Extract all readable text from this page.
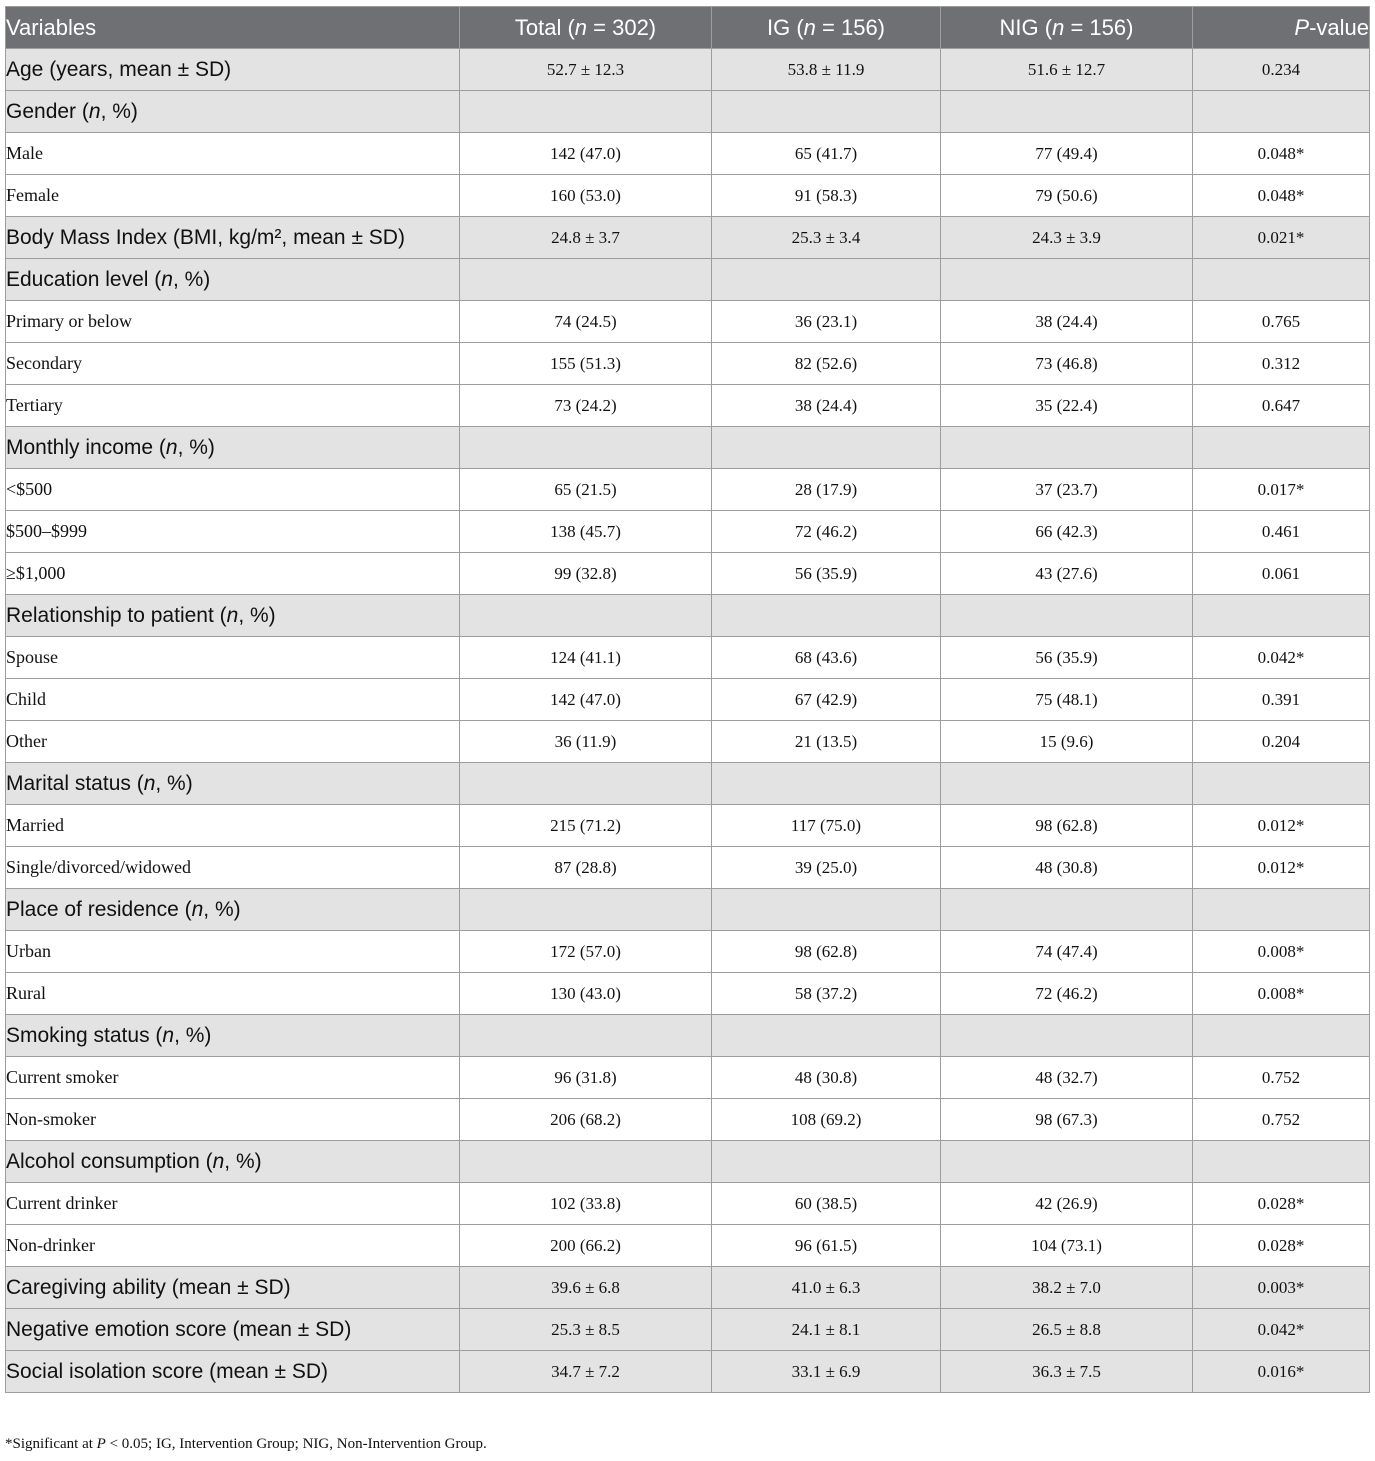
Variables	Total (n = 302)	IG (n = 156)	NIG (n = 156)	P-value
Age (years, mean ± SD)	52.7 ± 12.3	53.8 ± 11.9	51.6 ± 12.7	0.234
Gender (n, %)				
Male	142 (47.0)	65 (41.7)	77 (49.4)	0.048*
Female	160 (53.0)	91 (58.3)	79 (50.6)	0.048*
Body Mass Index (BMI, kg/m², mean ± SD)	24.8 ± 3.7	25.3 ± 3.4	24.3 ± 3.9	0.021*
Education level (n, %)				
Primary or below	74 (24.5)	36 (23.1)	38 (24.4)	0.765
Secondary	155 (51.3)	82 (52.6)	73 (46.8)	0.312
Tertiary	73 (24.2)	38 (24.4)	35 (22.4)	0.647
Monthly income (n, %)				
<$500	65 (21.5)	28 (17.9)	37 (23.7)	0.017*
$500–$999	138 (45.7)	72 (46.2)	66 (42.3)	0.461
≥$1,000	99 (32.8)	56 (35.9)	43 (27.6)	0.061
Relationship to patient (n, %)				
Spouse	124 (41.1)	68 (43.6)	56 (35.9)	0.042*
Child	142 (47.0)	67 (42.9)	75 (48.1)	0.391
Other	36 (11.9)	21 (13.5)	15 (9.6)	0.204
Marital status (n, %)				
Married	215 (71.2)	117 (75.0)	98 (62.8)	0.012*
Single/divorced/widowed	87 (28.8)	39 (25.0)	48 (30.8)	0.012*
Place of residence (n, %)				
Urban	172 (57.0)	98 (62.8)	74 (47.4)	0.008*
Rural	130 (43.0)	58 (37.2)	72 (46.2)	0.008*
Smoking status (n, %)				
Current smoker	96 (31.8)	48 (30.8)	48 (32.7)	0.752
Non-smoker	206 (68.2)	108 (69.2)	98 (67.3)	0.752
Alcohol consumption (n, %)				
Current drinker	102 (33.8)	60 (38.5)	42 (26.9)	0.028*
Non-drinker	200 (66.2)	96 (61.5)	104 (73.1)	0.028*
Caregiving ability (mean ± SD)	39.6 ± 6.8	41.0 ± 6.3	38.2 ± 7.0	0.003*
Negative emotion score (mean ± SD)	25.3 ± 8.5	24.1 ± 8.1	26.5 ± 8.8	0.042*
Social isolation score (mean ± SD)	34.7 ± 7.2	33.1 ± 6.9	36.3 ± 7.5	0.016*
*Significant at P < 0.05; IG, Intervention Group; NIG, Non-Intervention Group.
